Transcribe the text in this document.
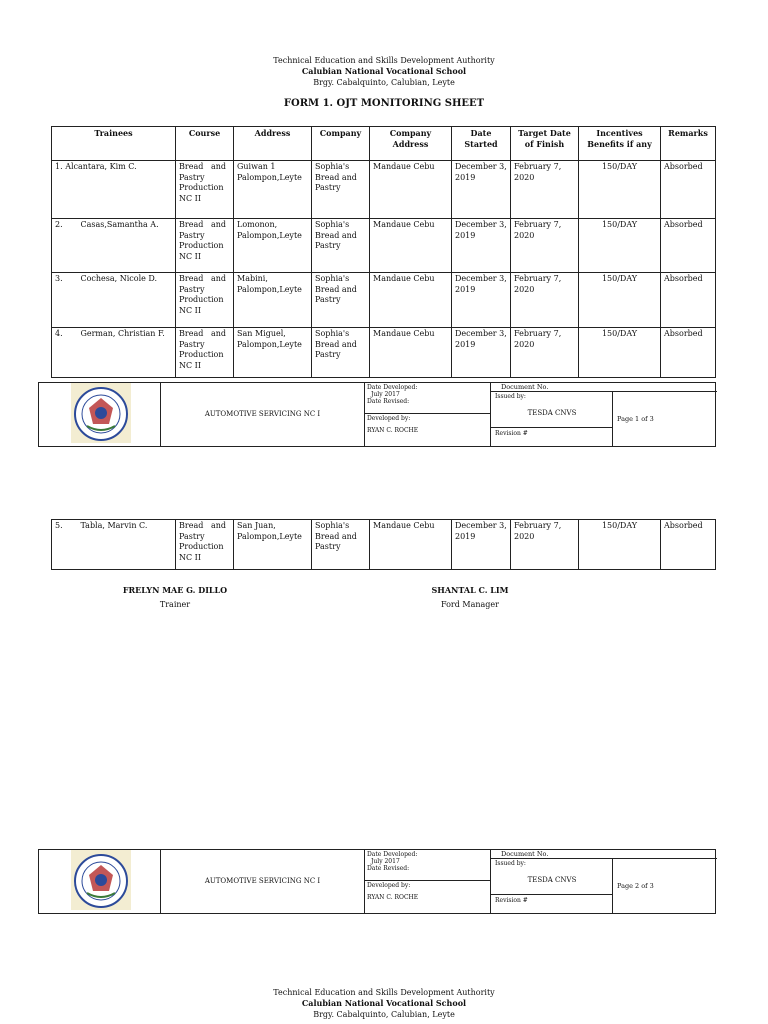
Technical Education and Skills Development Authority
Calubian National Vocational School
Brgy. Cabalquinto, Calubian, Leyte
FORM 1. OJT MONITORING SHEET
Trainees	Course	Address	Company	Company Address	Date Started	Target Date of Finish	Incentives Benefits if any	Remarks
1. Alcantara, Kim C.	Bread and Pastry Production NC II	Guiwan 1 Palompon,Leyte	Sophia's Bread and Pastry	Mandaue Cebu	December 3, 2019	February 7, 2020	150/DAY	Absorbed
2. Casas,Samantha A.	Bread and Pastry Production NC II	Lomonon, Palompon,Leyte	Sophia's Bread and Pastry	Mandaue Cebu	December 3, 2019	February 7, 2020	150/DAY	Absorbed
3. Cochesa, Nicole D.	Bread and Pastry Production NC II	Mabini, Palompon,Leyte	Sophia's Bread and Pastry	Mandaue Cebu	December 3, 2019	February 7, 2020	150/DAY	Absorbed
4. German, Christian F.	Bread and Pastry Production NC II	San Miguel, Palompon,Leyte	Sophia's Bread and Pastry	Mandaue Cebu	December 3, 2019	February 7, 2020	150/DAY	Absorbed
AUTOMOTIVE SERVICING NC I
Date Developed:
July 2017
Date Revised:
Developed by:
RYAN C. ROCHE
Document No.
Issued by:
TESDA CNVS
Revision #
Page 1 of 3
5. Tabla, Marvin C.	Bread and Pastry Production NC II	San Juan, Palompon,Leyte	Sophia's Bread and Pastry	Mandaue Cebu	December 3, 2019	February 7, 2020	150/DAY	Absorbed
FRELYN MAE G. DILLO
Trainer
SHANTAL C. LIM
Ford Manager
AUTOMOTIVE SERVICING NC I
Date Developed:
July 2017
Date Revised:
Developed by:
RYAN C. ROCHE
Document No.
Issued by:
TESDA CNVS
Revision #
Page 2 of 3
Technical Education and Skills Development Authority
Calubian National Vocational School
Brgy. Cabalquinto, Calubian, Leyte
